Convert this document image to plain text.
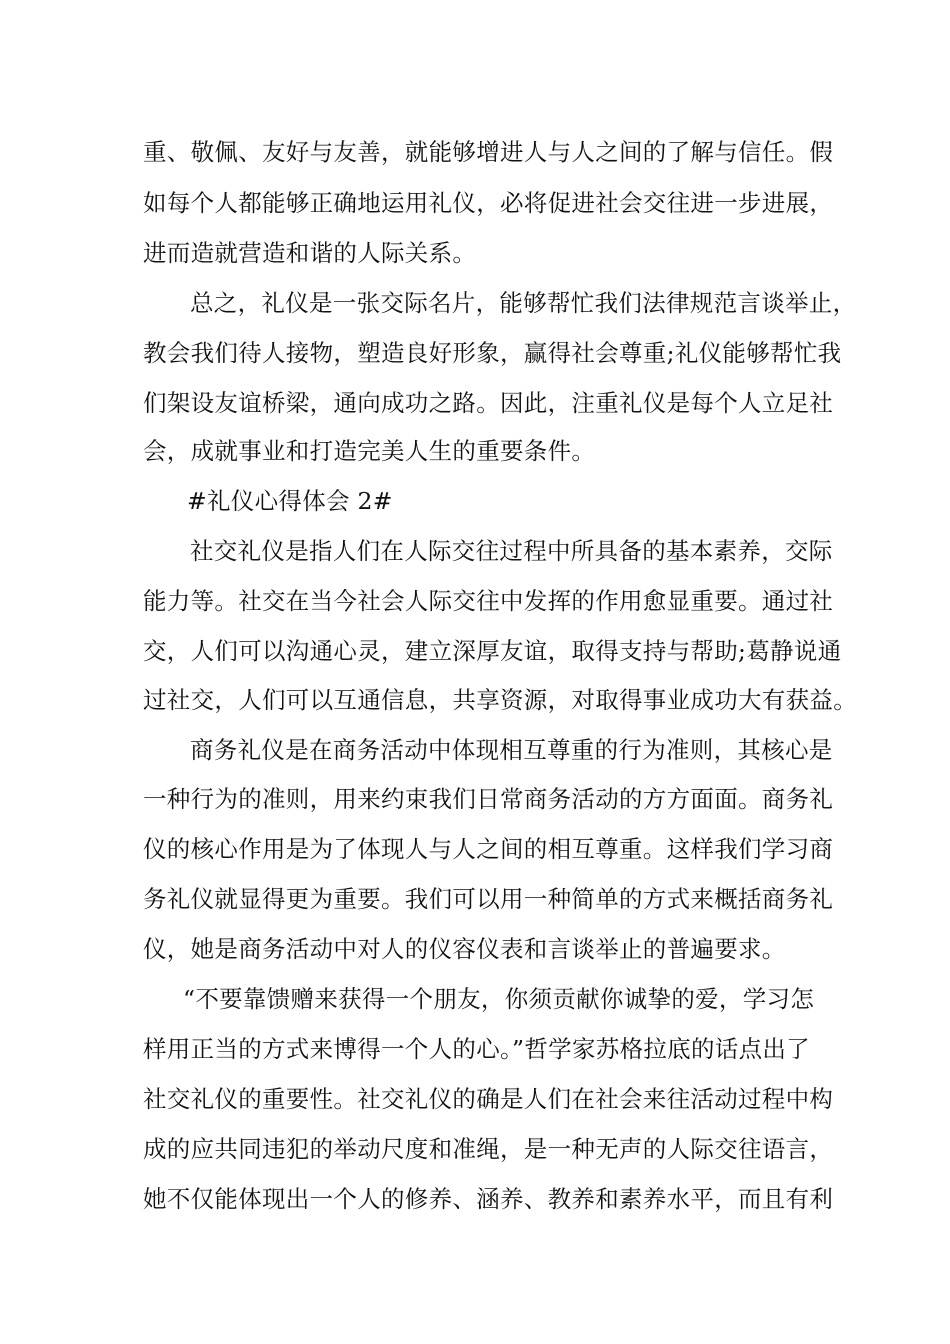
重、敬佩、友好与友善，就能够增进人与人之间的了解与信任。假
如每个人都能够正确地运用礼仪，必将促进社会交往进一步进展，
进而造就营造和谐的人际关系。
总之，礼仪是一张交际名片，能够帮忙我们法律规范言谈举止，
教会我们待人接物，塑造良好形象，赢得社会尊重;礼仪能够帮忙我
们架设友谊桥梁，通向成功之路。因此，注重礼仪是每个人立足社
会，成就事业和打造完美人生的重要条件。
#礼仪心得体会 2#
社交礼仪是指人们在人际交往过程中所具备的基本素养，交际
能力等。社交在当今社会人际交往中发挥的作用愈显重要。通过社
交，人们可以沟通心灵，建立深厚友谊，取得支持与帮助;葛静说通
过社交，人们可以互通信息，共享资源，对取得事业成功大有获益。
商务礼仪是在商务活动中体现相互尊重的行为准则，其核心是
一种行为的准则，用来约束我们日常商务活动的方方面面。商务礼
仪的核心作用是为了体现人与人之间的相互尊重。这样我们学习商
务礼仪就显得更为重要。我们可以用一种简单的方式来概括商务礼
仪，她是商务活动中对人的仪容仪表和言谈举止的普遍要求。
“不要靠馈赠来获得一个朋友，你须贡献你诚挚的爱，学习怎
样用正当的方式来博得一个人的心。”哲学家苏格拉底的话点出了
社交礼仪的重要性。社交礼仪的确是人们在社会来往活动过程中构
成的应共同违犯的举动尺度和准绳，是一种无声的人际交往语言，
她不仅能体现出一个人的修养、涵养、教养和素养水平，而且有利
